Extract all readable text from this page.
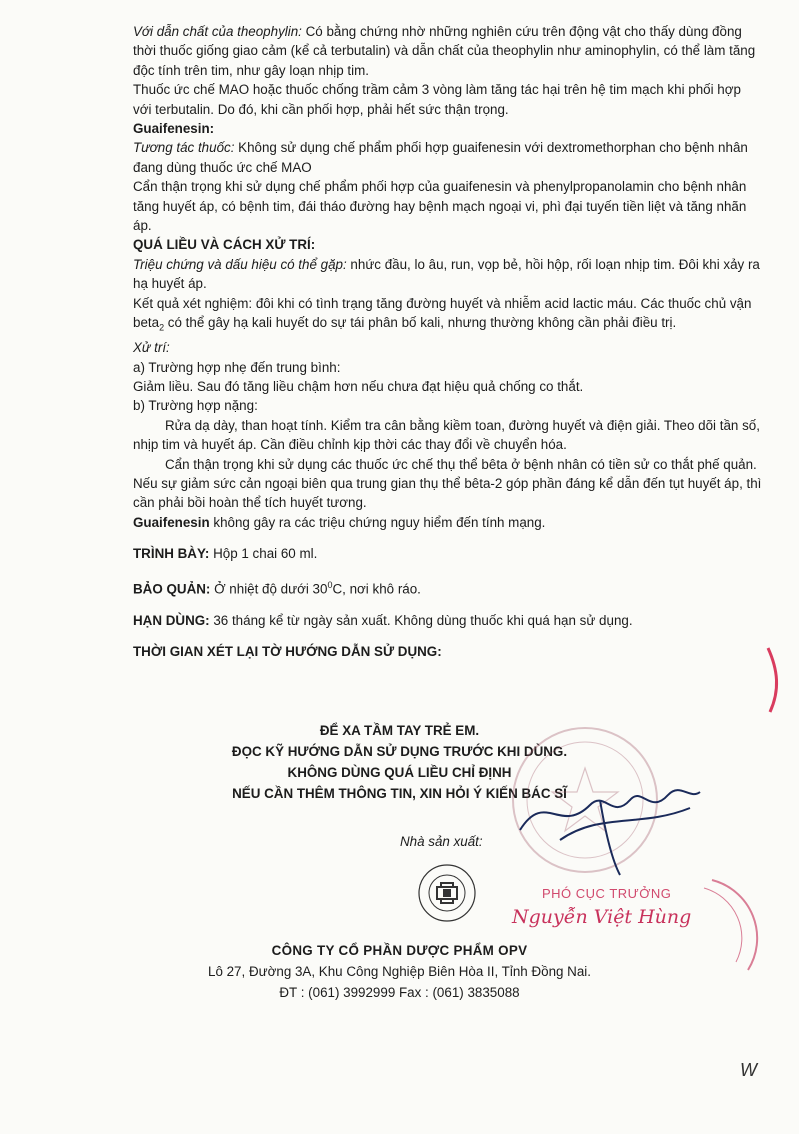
Với dẫn chất của theophylin: Có bằng chứng nhờ những nghiên cứu trên động vật cho thấy dùng đồng thời thuốc giống giao cảm (kể cả terbutalin) và dẫn chất của theophylin như aminophylin, có thể làm tăng độc tính trên tim, như gây loạn nhịp tim.

Thuốc ức chế MAO hoặc thuốc chống trầm cảm 3 vòng làm tăng tác hại trên hệ tim mạch khi phối hợp với terbutalin. Do đó, khi cần phối hợp, phải hết sức thận trọng.

Guaifenesin:

Tương tác thuốc: Không sử dụng chế phẩm phối hợp guaifenesin với dextromethorphan cho bệnh nhân đang dùng thuốc ức chế MAO

Cẩn thận trọng khi sử dụng chế phẩm phối hợp của guaifenesin và phenylpropanolamin cho bệnh nhân tăng huyết áp, có bệnh tim, đái tháo đường hay bệnh mạch ngoại vi, phì đại tuyến tiền liệt và tăng nhãn áp.

QUÁ LIỀU VÀ CÁCH XỬ TRÍ:

Triệu chứng và dấu hiệu có thể gặp: nhức đầu, lo âu, run, vọp bẻ, hồi hộp, rối loạn nhịp tim. Đôi khi xảy ra hạ huyết áp.

Kết quả xét nghiệm: đôi khi có tình trạng tăng đường huyết và nhiễm acid lactic máu. Các thuốc chủ vận beta$_2$ có thể gây hạ kali huyết do sự tái phân bố kali, nhưng thường không cần phải điều trị.

Xử trí:

a) Trường hợp nhẹ đến trung bình:

Giảm liều. Sau đó tăng liều chậm hơn nếu chưa đạt hiệu quả chống co thắt.

b) Trường hợp nặng:

Rửa dạ dày, than hoạt tính. Kiểm tra cân bằng kiềm toan, đường huyết và điện giải. Theo dõi tần số, nhịp tim và huyết áp. Cần điều chỉnh kịp thời các thay đổi về chuyển hóa.

Cẩn thận trọng khi sử dụng các thuốc ức chế thụ thể bêta ở bệnh nhân có tiền sử co thắt phế quản. Nếu sự giảm sức cản ngoại biên qua trung gian thụ thể bêta-2 góp phần đáng kể dẫn đến tụt huyết áp, thì cần phải bồi hoàn thể tích huyết tương.

Guaifenesin không gây ra các triệu chứng nguy hiểm đến tính mạng.

TRÌNH BÀY: Hộp 1 chai 60 ml.

BẢO QUẢN: Ở nhiệt độ dưới $30^0C$, nơi khô ráo.

HẠN DÙNG: 36 tháng kể từ ngày sản xuất. Không dùng thuốc khi quá hạn sử dụng.

THỜI GIAN XÉT LẠI TỜ HƯỚNG DẪN SỬ DỤNG:

ĐỂ XA TẦM TAY TRẺ EM.
ĐỌC KỸ HƯỚNG DẪN SỬ DỤNG TRƯỚC KHI DÙNG.
KHÔNG DÙNG QUÁ LIỀU CHỈ ĐỊNH
NẾU CẦN THÊM THÔNG TIN, XIN HỎI Ý KIẾN BÁC SĨ
Nhà sản xuất:
CÔNG TY CỔ PHẦN DƯỢC PHẨM OPV
Lô 27, Đường 3A, Khu Công Nghiệp Biên Hòa II, Tỉnh Đồng Nai.
ĐT : (061) 3992999 Fax : (061) 3835088
PHÓ CỤC TRƯỞNG
Nguyễn Việt Hùng
W
